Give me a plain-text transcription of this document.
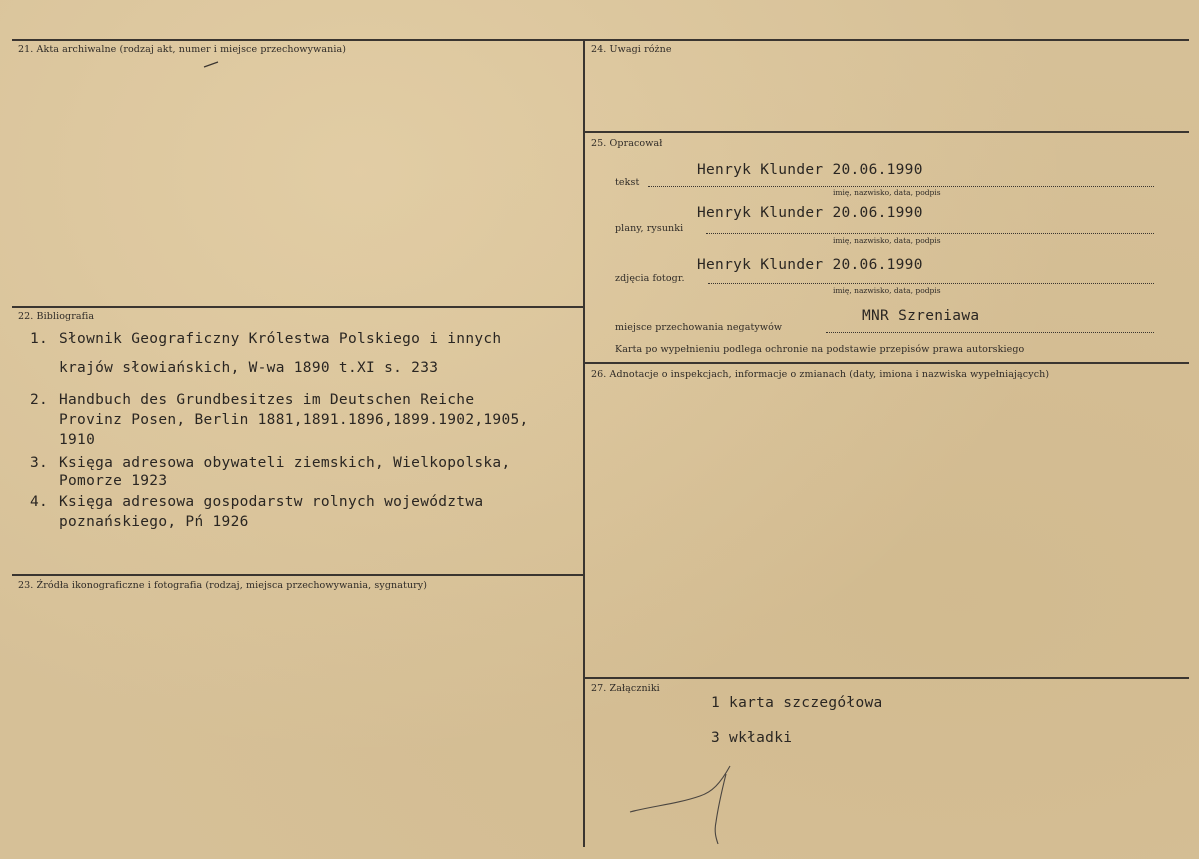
21. Akta archiwalne (rodzaj akt, numer i miejsce przechowywania)
22. Bibliografia
1. Słownik Geograficzny Królestwa Polskiego i innych
krajów słowiańskich, W-wa 1890 t.XI s. 233
2. Handbuch des Grundbesitzes im Deutschen Reiche
Provinz Posen, Berlin 1881,1891.1896,1899.1902,1905,
1910
3. Księga adresowa obywateli ziemskich, Wielkopolska,
Pomorze 1923
4. Księga adresowa gospodarstw rolnych województwa
poznańskiego, Pń 1926
23. Źródła ikonograficzne i fotografia (rodzaj, miejsca przechowywania, sygnatury)
24. Uwagi różne
25. Opracował
tekst
Henryk Klunder 20.06.1990
imię, nazwisko, data, podpis
plany, rysunki
Henryk Klunder 20.06.1990
imię, nazwisko, data, podpis
zdjęcia fotogr.
Henryk Klunder 20.06.1990
imię, nazwisko, data, podpis
miejsce przechowania negatywów
MNR Szreniawa
Karta po wypełnieniu podlega ochronie na podstawie przepisów prawa autorskiego
26. Adnotacje o inspekcjach, informacje o zmianach (daty, imiona i nazwiska wypełniających)
27. Załączniki
1 karta szczegółowa
3 wkładki
